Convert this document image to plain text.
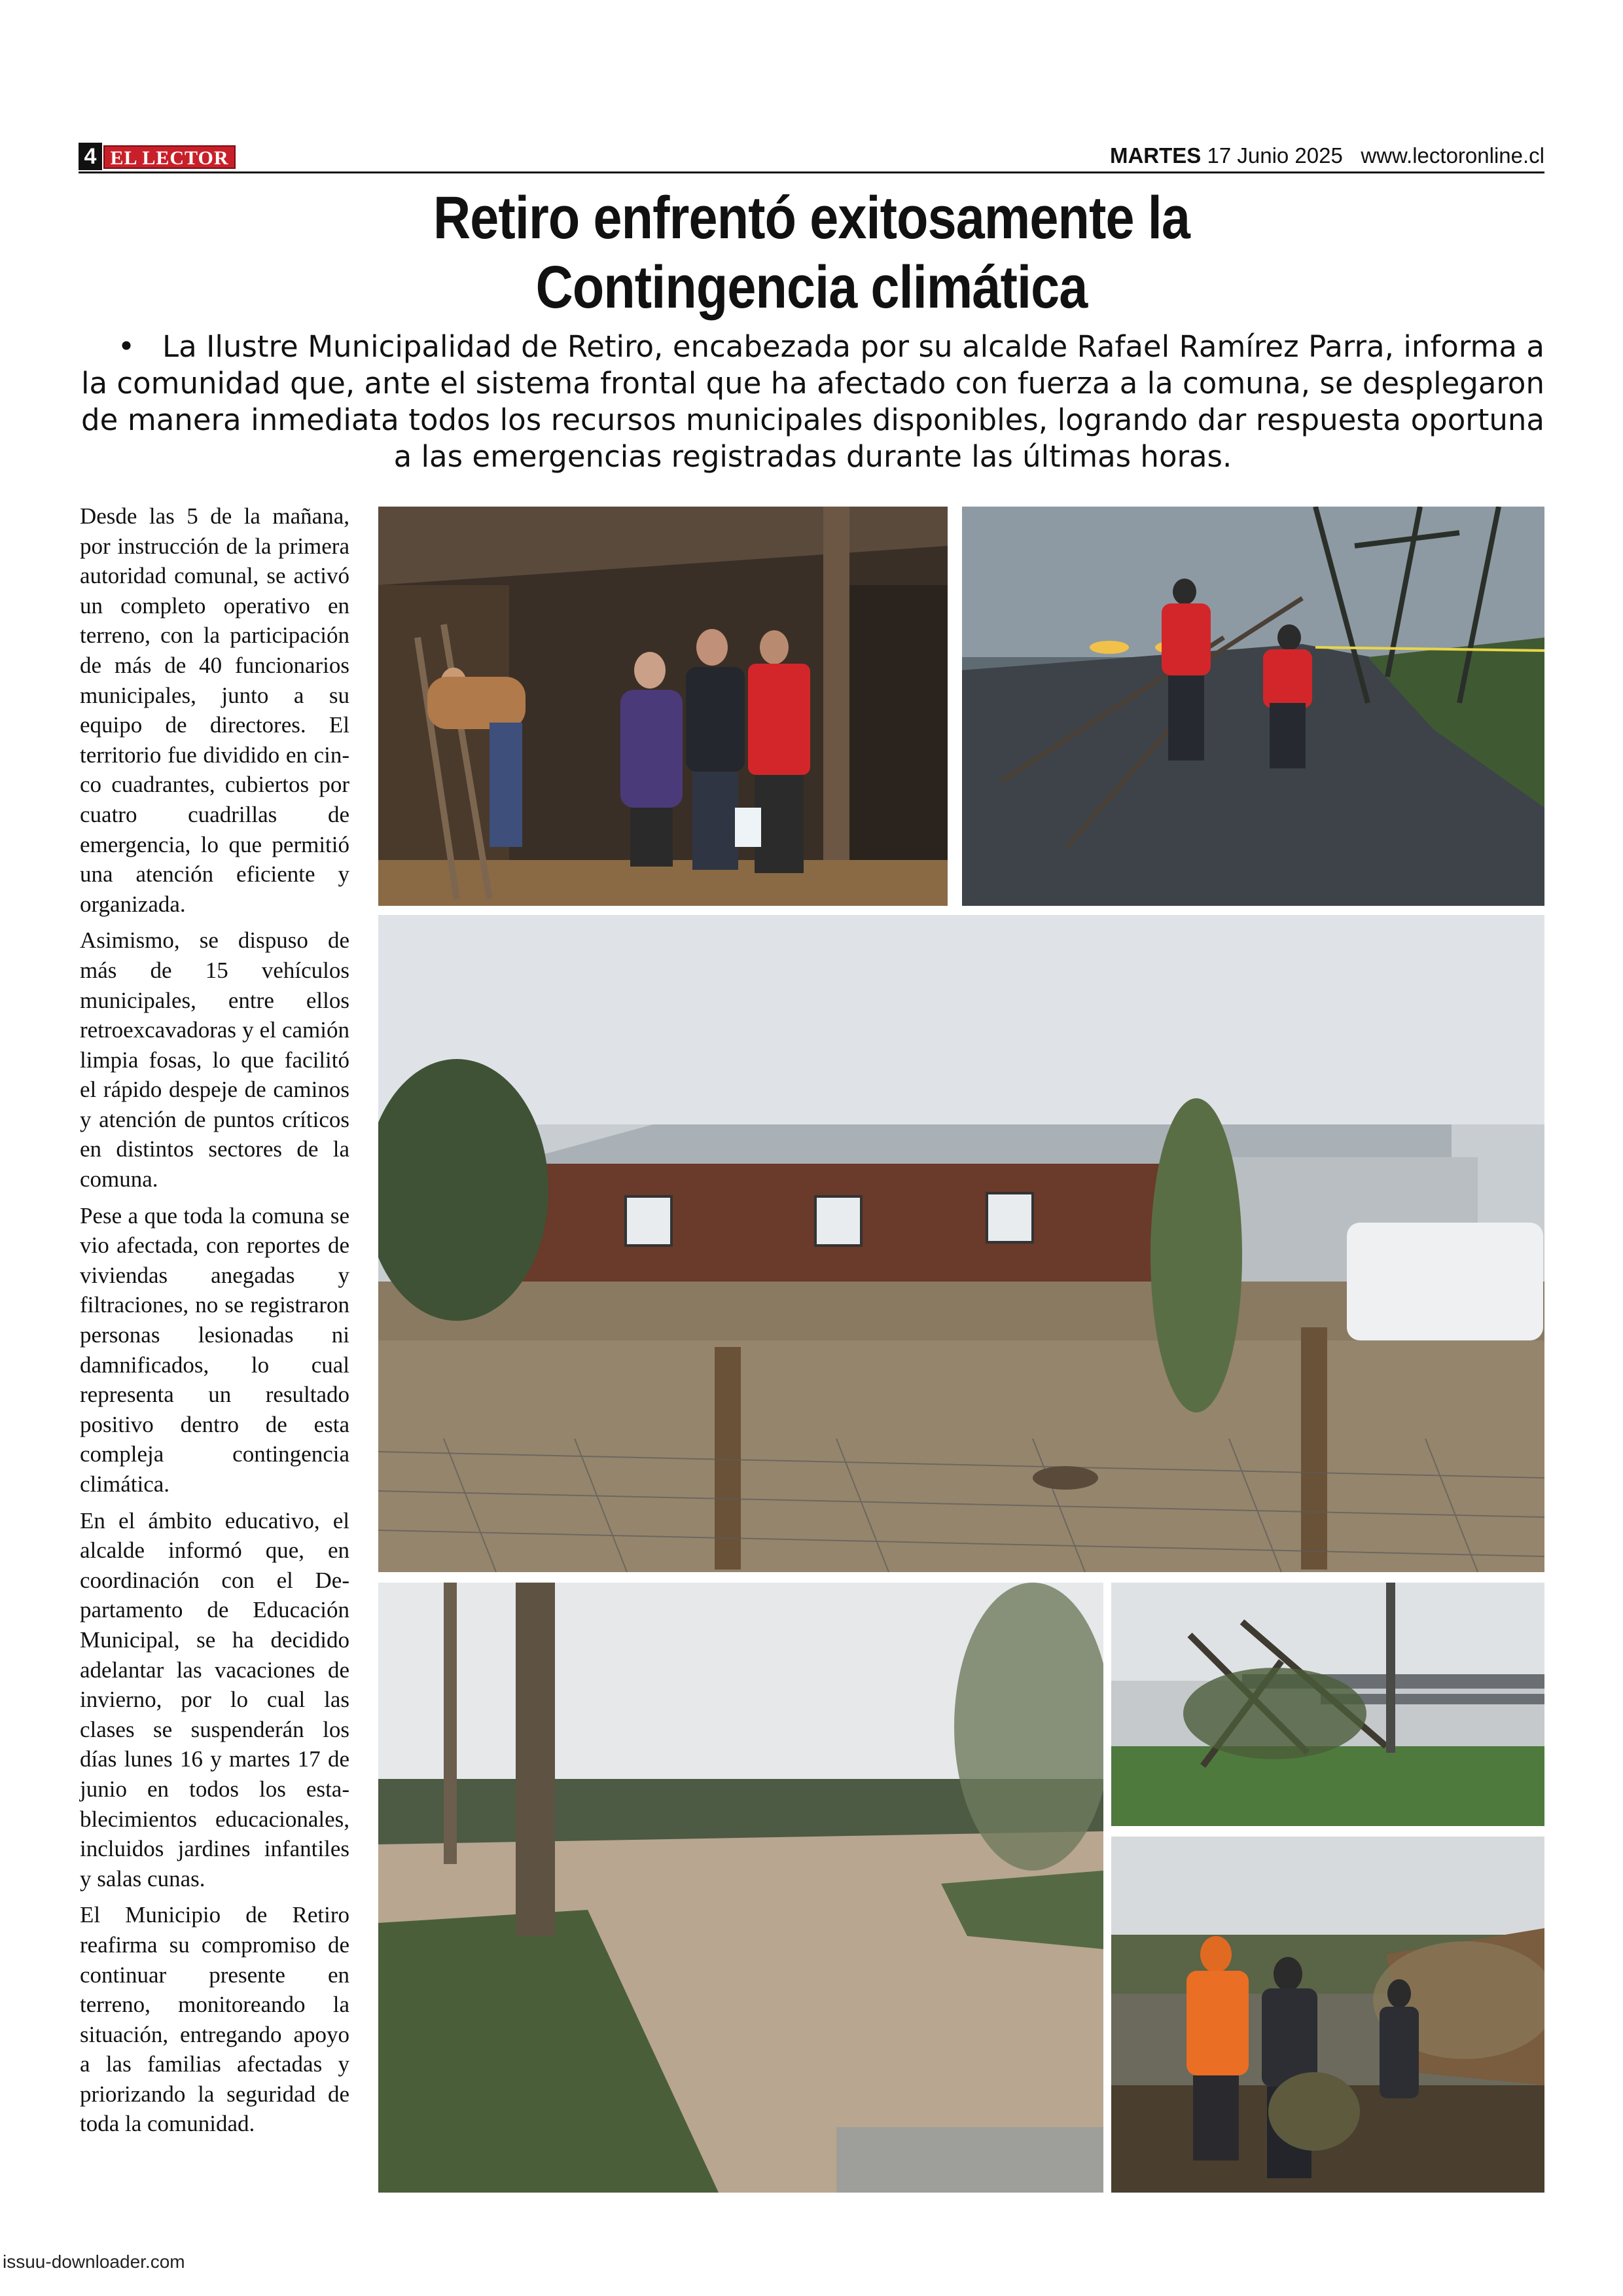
4 EL LECTOR	MARTES 17 Junio 2025 www.lectoronline.cl
Retiro enfrentó exitosamente la
Contingencia climática
• La Ilustre Municipalidad de Retiro, encabezada por su alcalde Rafael Ramírez Parra, informa a la comunidad que, ante el sistema frontal que ha afectado con fuerza a la comuna, se desplegaron de manera inmediata todos los recursos municipales disponibles, logrando dar respuesta oportuna a las emergencias registradas durante las últimas horas.

Desde las 5 de la mañana, por instrucción de la primera autoridad comunal, se activó un completo operativo en terreno, con la participación de más de 40 funcionarios municipales, junto a su equipo de directores. El territorio fue dividido en cinco cuadrantes, cubiertos por cuatro cuadrillas de emergencia, lo que permitió una atención eficiente y organizada.

Asimismo, se dispuso de más de 15 vehículos municipales, entre ellos retroexcavadoras y el camión limpia fosas, lo que facilitó el rápido despeje de caminos y atención de puntos críticos en distintos sectores de la comuna.

Pese a que toda la comuna se vio afectada, con reportes de viviendas anegadas y filtraciones, no se registraron personas lesionadas ni damnificados, lo cual representa un resultado positivo dentro de esta compleja contingencia climática.

En el ámbito educativo, el alcalde informó que, en coordinación con el Departamento de Educación Municipal, se ha decidido adelantar las vacaciones de invierno, por lo cual las clases se suspenderán los días lunes 16 y martes 17 de junio en todos los establecimientos educacionales, incluidos jardines infantiles y salas cunas.

El Municipio de Retiro reafirma su compromiso de continuar presente en terreno, monitoreando la situación, entregando apoyo a las familias afectadas y priorizando la seguridad de toda la comunidad.

issuu-downloader.com
